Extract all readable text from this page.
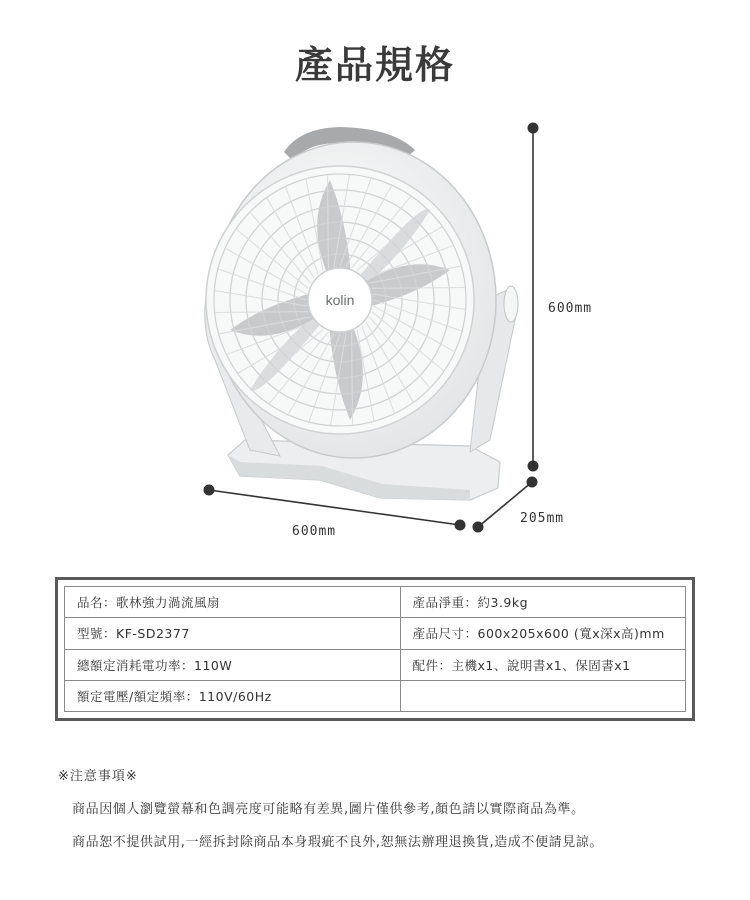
產品規格
kolin
600mm
600mm
205mm
品名：歌林強力渦流風扇	產品淨重：約3.9kg
型號：KF-SD2377	產品尺寸：600x205x600 (寬x深x高)mm
總額定消耗電功率：110W	配件：主機x1、說明書x1、保固書x1
額定電壓/額定頻率：110V/60Hz	
※注意事項※
商品因個人瀏覽螢幕和色調亮度可能略有差異,圖片僅供參考,顏色請以實際商品為準。
商品恕不提供試用,一經拆封除商品本身瑕疵不良外,恕無法辦理退換貨,造成不便請見諒。
